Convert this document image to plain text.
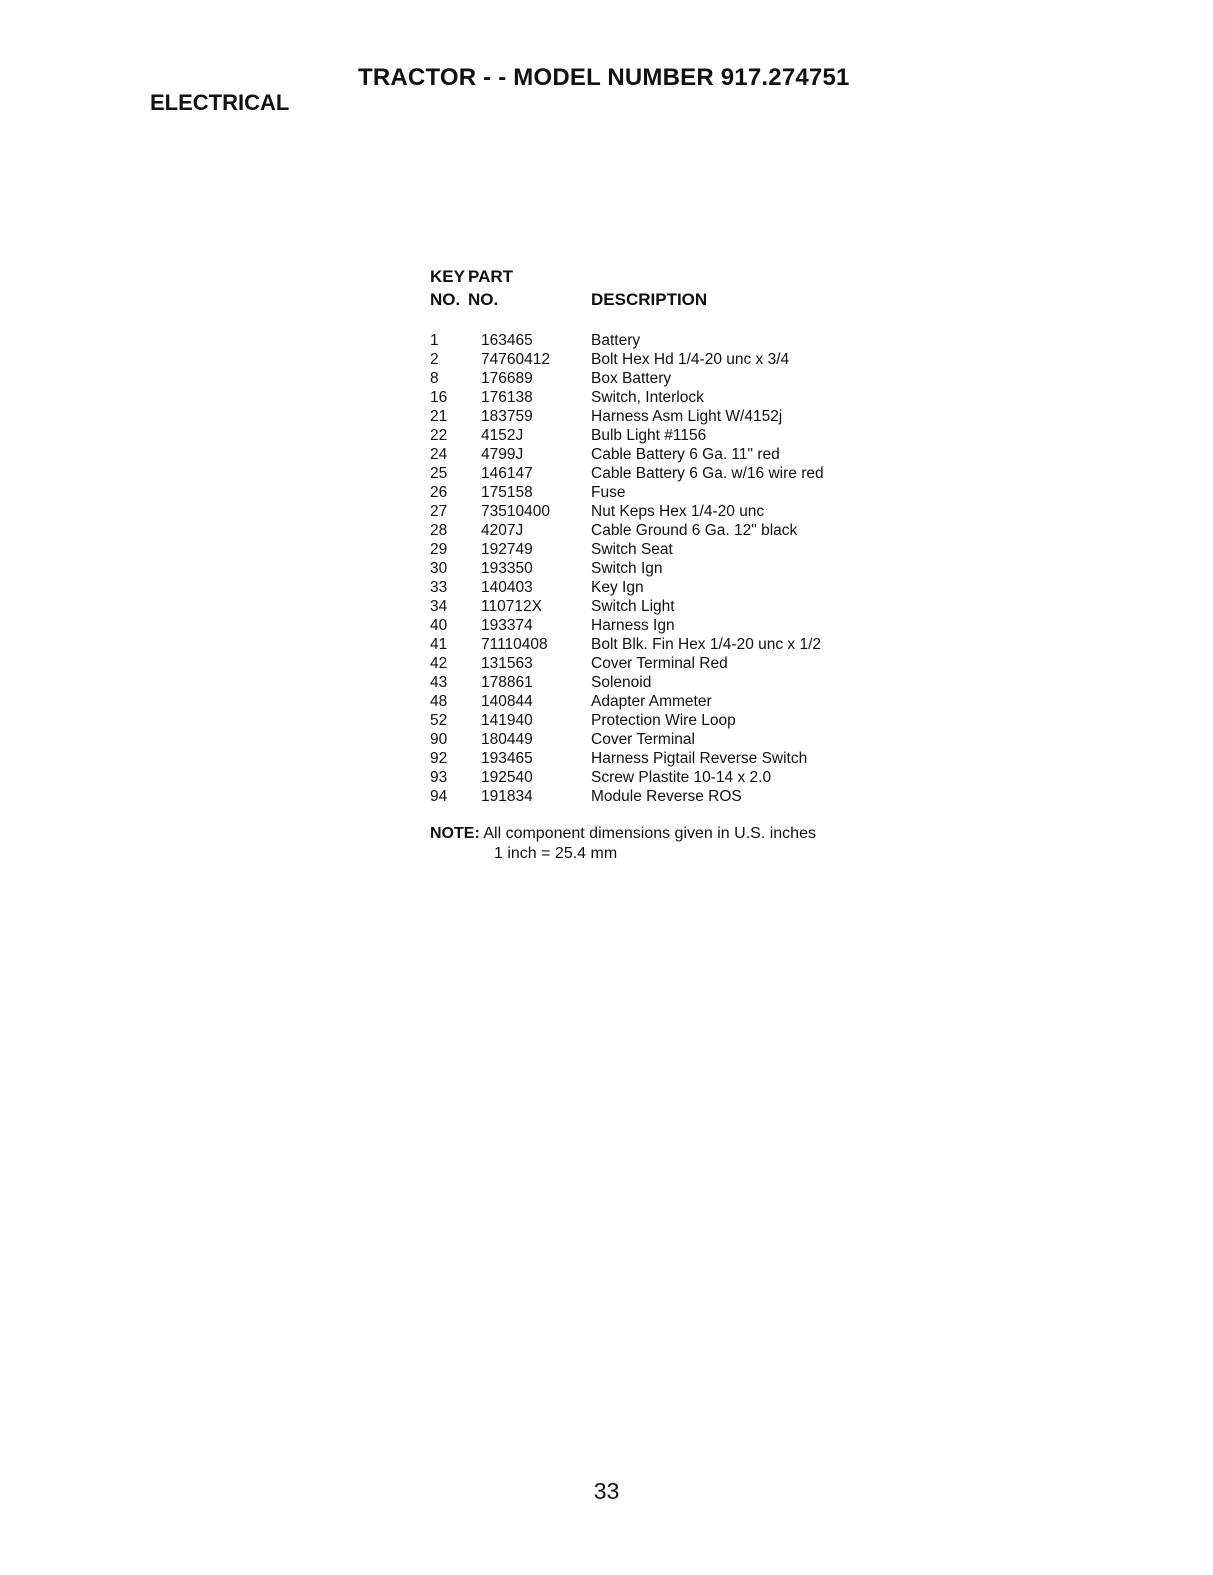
TRACTOR - - MODEL NUMBER 917.274751
ELECTRICAL
KEY PART
NO. NO.	DESCRIPTION
1	163465	Battery
2	74760412	Bolt Hex Hd 1/4-20 unc x 3/4
8	176689	Box Battery
16 176138	Switch, Interlock
21 183759	Harness Asm Light W/4152j
22 4152J	Bulb Light #1156
24 4799J	Cable Battery 6 Ga. 11" red
25 146147	Cable Battery 6 Ga. w/16 wire red
26 175158	Fuse
27 73510400	Nut Keps Hex 1/4-20 unc
28 4207J	Cable Ground 6 Ga. 12" black
29 192749	Switch Seat
30 193350	Switch Ign
33 140403	Key Ign
34 110712X	Switch Light
40 193374	Harness Ign
41 71110408	Bolt Blk. Fin Hex 1/4-20 unc x 1/2
42 131563	Cover Terminal Red
43 178861	Solenoid
48 140844	Adapter Ammeter
52 141940	Protection Wire Loop
90 180449	Cover Terminal
92 193465	Harness Pigtail Reverse Switch
93 192540	Screw Plastite 10-14 x 2.0
94 191834	Module Reverse ROS
NOTE: All component dimensions given in U.S. inches
1 inch = 25.4 mm
33
